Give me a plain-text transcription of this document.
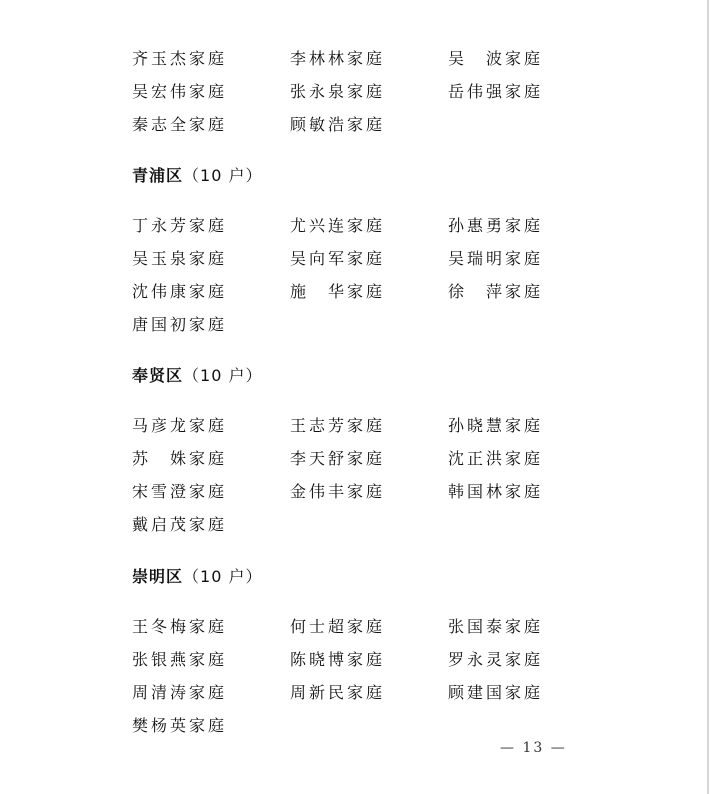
齐玉杰家庭	李林林家庭	吴　波家庭
吴宏伟家庭	张永泉家庭	岳伟强家庭
秦志全家庭	顾敏浩家庭
青浦区（10 户）
丁永芳家庭	尤兴连家庭	孙惠勇家庭
吴玉泉家庭	吴向军家庭	吴瑞明家庭
沈伟康家庭	施　华家庭	徐　萍家庭
唐国初家庭
奉贤区（10 户）
马彦龙家庭	王志芳家庭	孙晓慧家庭
苏　姝家庭	李天舒家庭	沈正洪家庭
宋雪澄家庭	金伟丰家庭	韩国林家庭
戴启茂家庭
崇明区（10 户）
王冬梅家庭	何士超家庭	张国泰家庭
张银燕家庭	陈晓博家庭	罗永灵家庭
周清涛家庭	周新民家庭	顾建国家庭
樊杨英家庭
— 13 —
